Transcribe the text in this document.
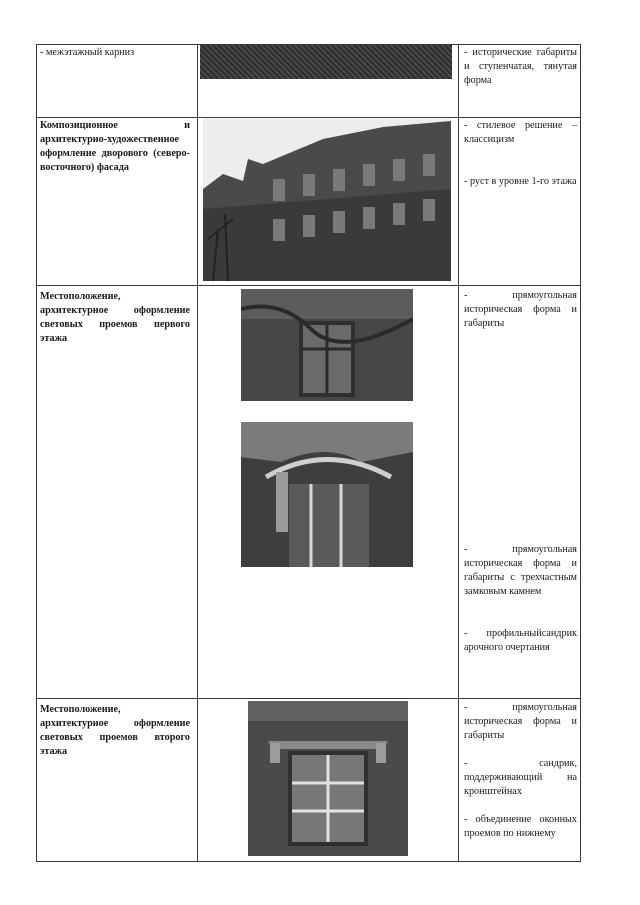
- межэтажный карниз	- исторические габариты и ступенчатая, тянутая форма
Композиционное и архитектурно-художественное оформление дворового (северо-восточного) фасада
- стилевое решение – классицизм
- руст в уровне 1-го этажа
Местоположение, архитектурное оформление световых проемов первого этажа
- прямоугольная историческая форма и габариты
- прямоугольная историческая форма и габариты с трехчастным замковым камнем
- профильныйсандрик арочного очертания
Местоположение, архитектурное оформление световых проемов второго этажа
- прямоугольная историческая форма и габариты
- сандрик, поддерживающий на кронштейнах
- объединение оконных проемов по нижнему
